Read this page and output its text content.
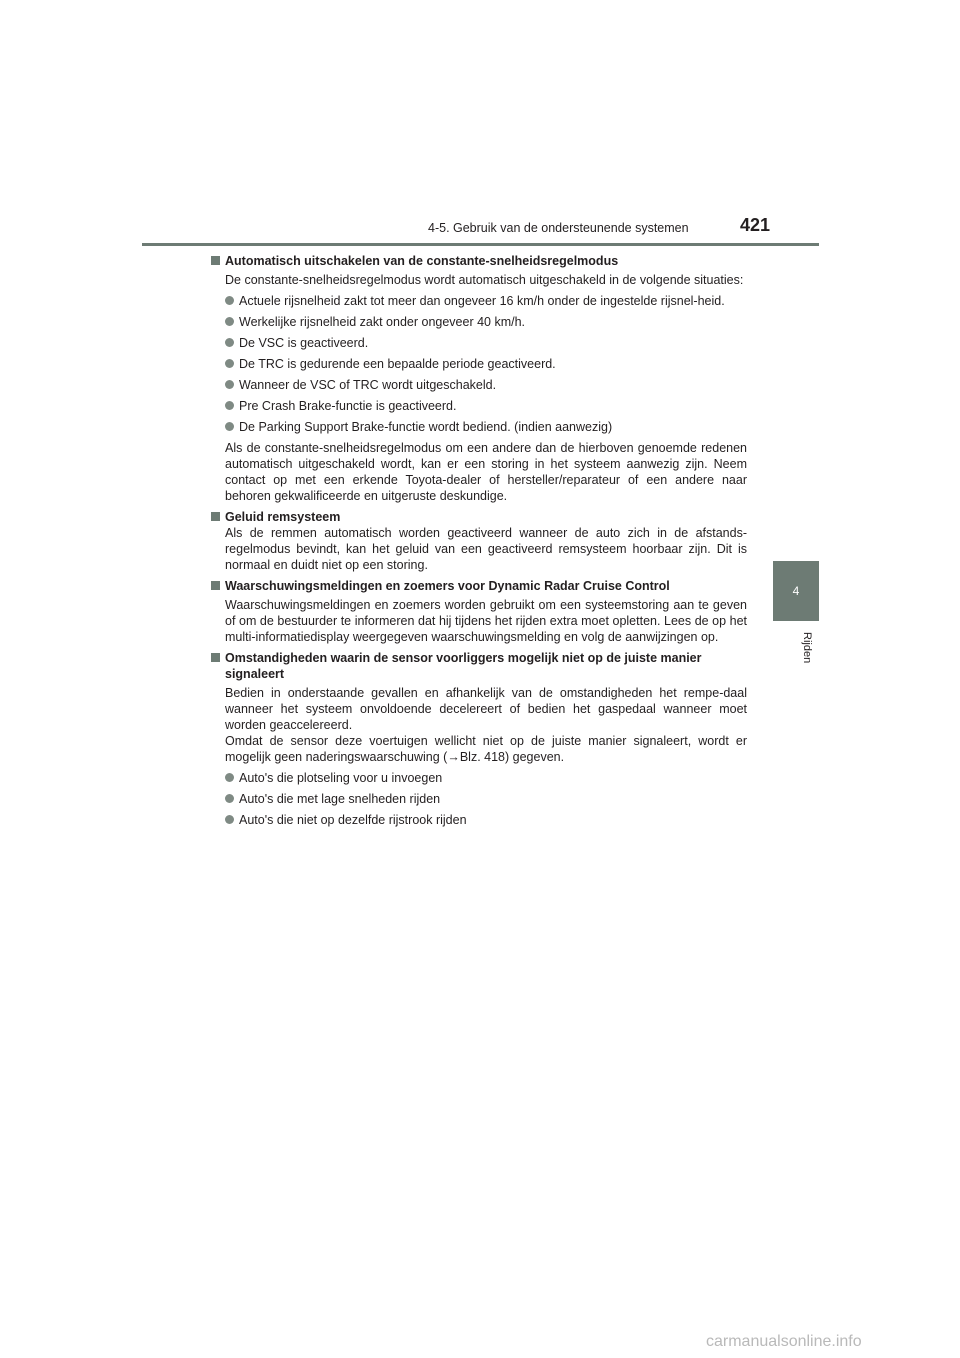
4-5. Gebruik van de ondersteunende systemen	421
4
Rijden
Automatisch uitschakelen van de constante-snelheidsregelmodus
De constante-snelheidsregelmodus wordt automatisch uitgeschakeld in de volgende situaties:
Actuele rijsnelheid zakt tot meer dan ongeveer 16 km/h onder de ingestelde rijsnel-heid.
Werkelijke rijsnelheid zakt onder ongeveer 40 km/h.
De VSC is geactiveerd.
De TRC is gedurende een bepaalde periode geactiveerd.
Wanneer de VSC of TRC wordt uitgeschakeld.
Pre Crash Brake-functie is geactiveerd.
De Parking Support Brake-functie wordt bediend. (indien aanwezig)
Als de constante-snelheidsregelmodus om een andere dan de hierboven genoemde redenen automatisch uitgeschakeld wordt, kan er een storing in het systeem aanwezig zijn. Neem contact op met een erkende Toyota-dealer of hersteller/reparateur of een andere naar behoren gekwalificeerde en uitgeruste deskundige.
Geluid remsysteem
Als de remmen automatisch worden geactiveerd wanneer de auto zich in de afstands-regelmodus bevindt, kan het geluid van een geactiveerd remsysteem hoorbaar zijn. Dit is normaal en duidt niet op een storing.
Waarschuwingsmeldingen en zoemers voor Dynamic Radar Cruise Control
Waarschuwingsmeldingen en zoemers worden gebruikt om een systeemstoring aan te geven of om de bestuurder te informeren dat hij tijdens het rijden extra moet opletten. Lees de op het multi-informatiedisplay weergegeven waarschuwingsmelding en volg de aanwijzingen op.
Omstandigheden waarin de sensor voorliggers mogelijk niet op de juiste manier signaleert
Bedien in onderstaande gevallen en afhankelijk van de omstandigheden het rempe-daal wanneer het systeem onvoldoende decelereert of bedien het gaspedaal wanneer moet worden geaccelereerd.
Omdat de sensor deze voertuigen wellicht niet op de juiste manier signaleert, wordt er mogelijk geen naderingswaarschuwing (→Blz. 418) gegeven.
Auto's die plotseling voor u invoegen
Auto's die met lage snelheden rijden
Auto's die niet op dezelfde rijstrook rijden
carmanualsonline.info
